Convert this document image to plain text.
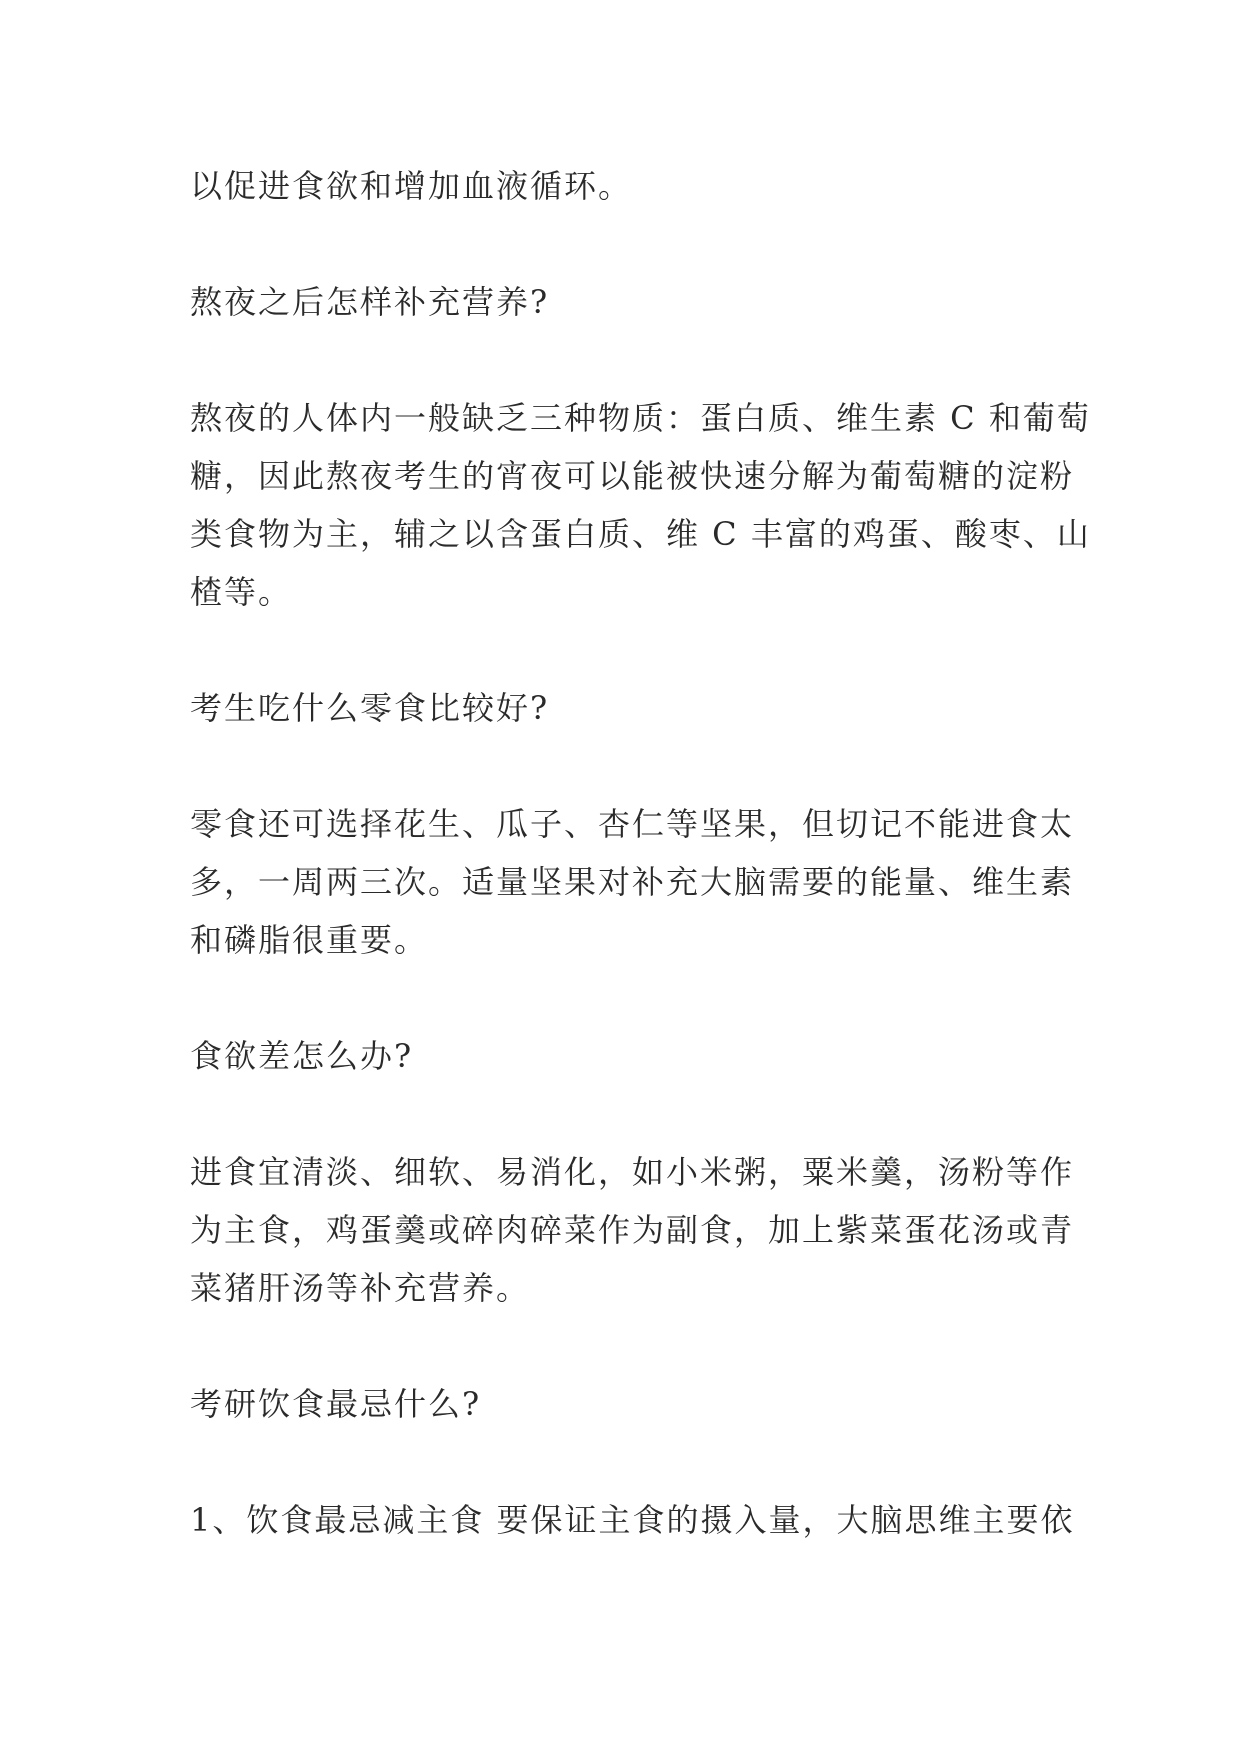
以促进食欲和增加血液循环。

熬夜之后怎样补充营养?

熬夜的人体内一般缺乏三种物质：蛋白质、维生素 C 和葡萄
糖，因此熬夜考生的宵夜可以能被快速分解为葡萄糖的淀粉
类食物为主，辅之以含蛋白质、维 C 丰富的鸡蛋、酸枣、山
楂等。

考生吃什么零食比较好?

零食还可选择花生、瓜子、杏仁等坚果，但切记不能进食太
多，一周两三次。适量坚果对补充大脑需要的能量、维生素
和磷脂很重要。

食欲差怎么办?

进食宜清淡、细软、易消化，如小米粥，粟米羹，汤粉等作
为主食，鸡蛋羹或碎肉碎菜作为副食，加上紫菜蛋花汤或青
菜猪肝汤等补充营养。

考研饮食最忌什么?

1、饮食最忌减主食 要保证主食的摄入量，大脑思维主要依
